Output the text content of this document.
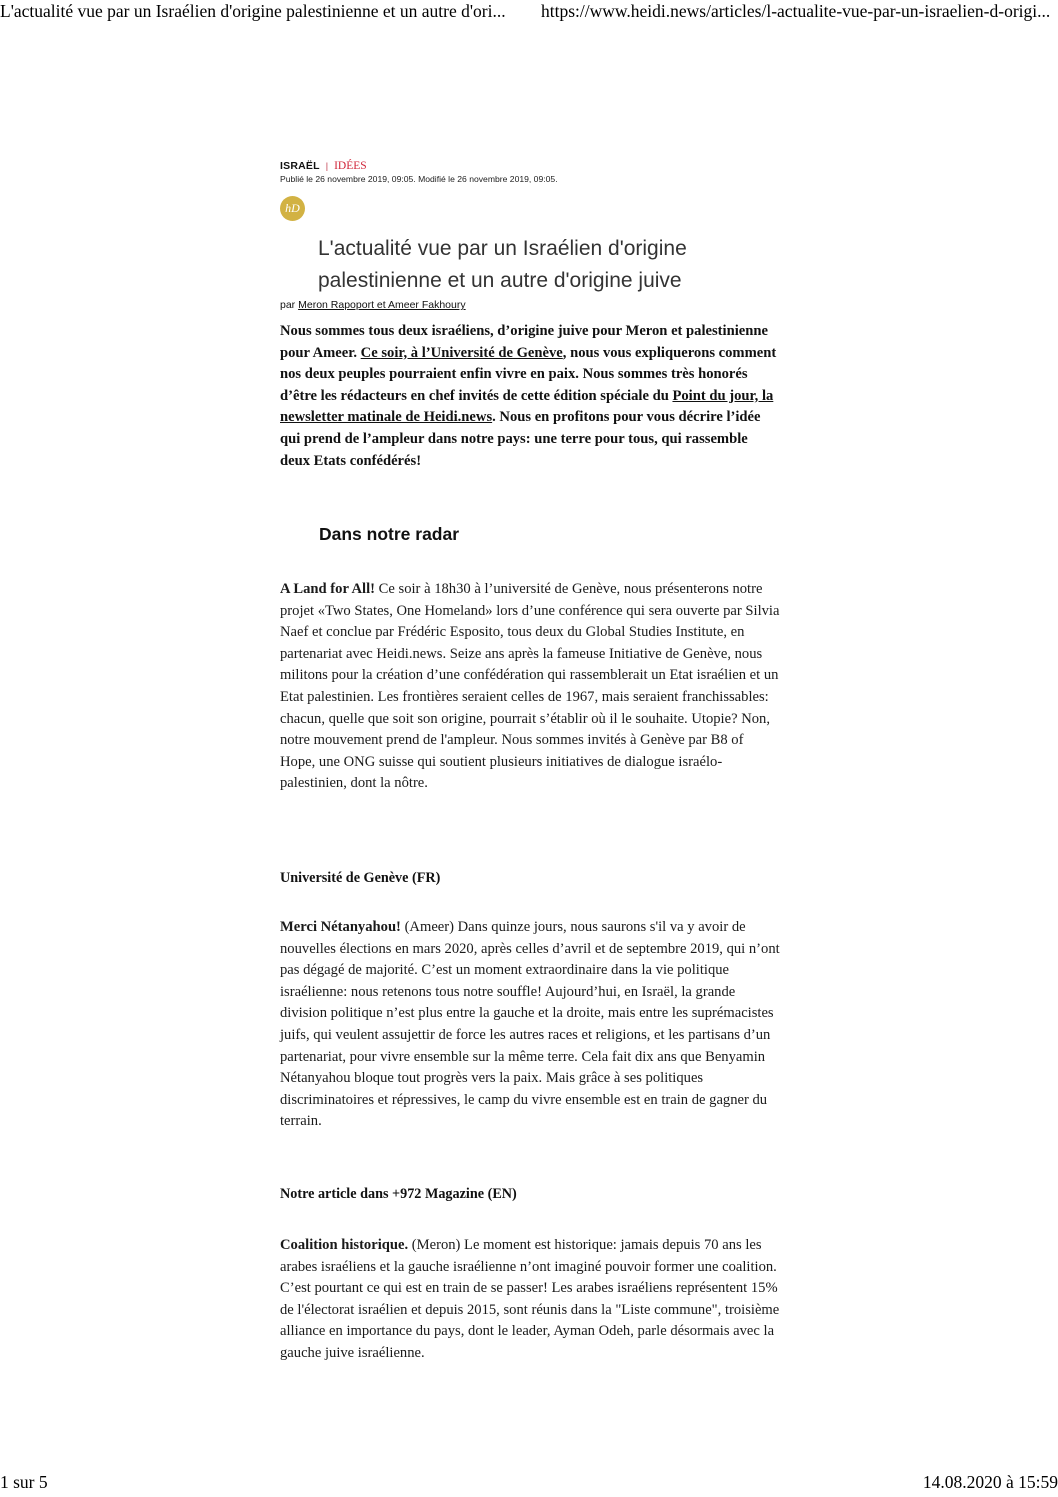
L'actualité vue par un Israélien d'origine palestinienne et un autre d'ori... https://www.heidi.news/articles/l-actualite-vue-par-un-israelien-d-origi...
ISRAËL | IDÉES
Publié le 26 novembre 2019, 09:05. Modifié le 26 novembre 2019, 09:05.
hD
L'actualité vue par un Israélien d'origine palestinienne et un autre d'origine juive
par Meron Rapoport et Ameer Fakhoury

Nous sommes tous deux israéliens, d’origine juive pour Meron et palestinienne pour Ameer. Ce soir, à l’Université de Genève, nous vous expliquerons comment nos deux peuples pourraient enfin vivre en paix. Nous sommes très honorés d’être les rédacteurs en chef invités de cette édition spéciale du Point du jour, la newsletter matinale de Heidi.news. Nous en profitons pour vous décrire l’idée qui prend de l’ampleur dans notre pays: une terre pour tous, qui rassemble deux Etats confédérés!

Dans notre radar

A Land for All! Ce soir à 18h30 à l’université de Genève, nous présenterons notre projet «Two States, One Homeland» lors d’une conférence qui sera ouverte par Silvia Naef et conclue par Frédéric Esposito, tous deux du Global Studies Institute, en partenariat avec Heidi.news. Seize ans après la fameuse Initiative de Genève, nous militons pour la création d’une confédération qui rassemblerait un Etat israélien et un Etat palestinien. Les frontières seraient celles de 1967, mais seraient franchissables: chacun, quelle que soit son origine, pourrait s’établir où il le souhaite. Utopie? Non, notre mouvement prend de l'ampleur. Nous sommes invités à Genève par B8 of Hope, une ONG suisse qui soutient plusieurs initiatives de dialogue israélo-palestinien, dont la nôtre.

Université de Genève (FR)

Merci Nétanyahou! (Ameer) Dans quinze jours, nous saurons s'il va y avoir de nouvelles élections en mars 2020, après celles d’avril et de septembre 2019, qui n’ont pas dégagé de majorité. C’est un moment extraordinaire dans la vie politique israélienne: nous retenons tous notre souffle! Aujourd’hui, en Israël, la grande division politique n’est plus entre la gauche et la droite, mais entre les suprémacistes juifs, qui veulent assujettir de force les autres races et religions, et les partisans d’un partenariat, pour vivre ensemble sur la même terre. Cela fait dix ans que Benyamin Nétanyahou bloque tout progrès vers la paix. Mais grâce à ses politiques discriminatoires et répressives, le camp du vivre ensemble est en train de gagner du terrain.

Notre article dans +972 Magazine (EN)

Coalition historique. (Meron) Le moment est historique: jamais depuis 70 ans les arabes israéliens et la gauche israélienne n’ont imaginé pouvoir former une coalition. C’est pourtant ce qui est en train de se passer! Les arabes israéliens représentent 15% de l'électorat israélien et depuis 2015, sont réunis dans la "Liste commune", troisième alliance en importance du pays, dont le leader, Ayman Odeh, parle désormais avec la gauche juive israélienne.

1 sur 5	14.08.2020 à 15:59
